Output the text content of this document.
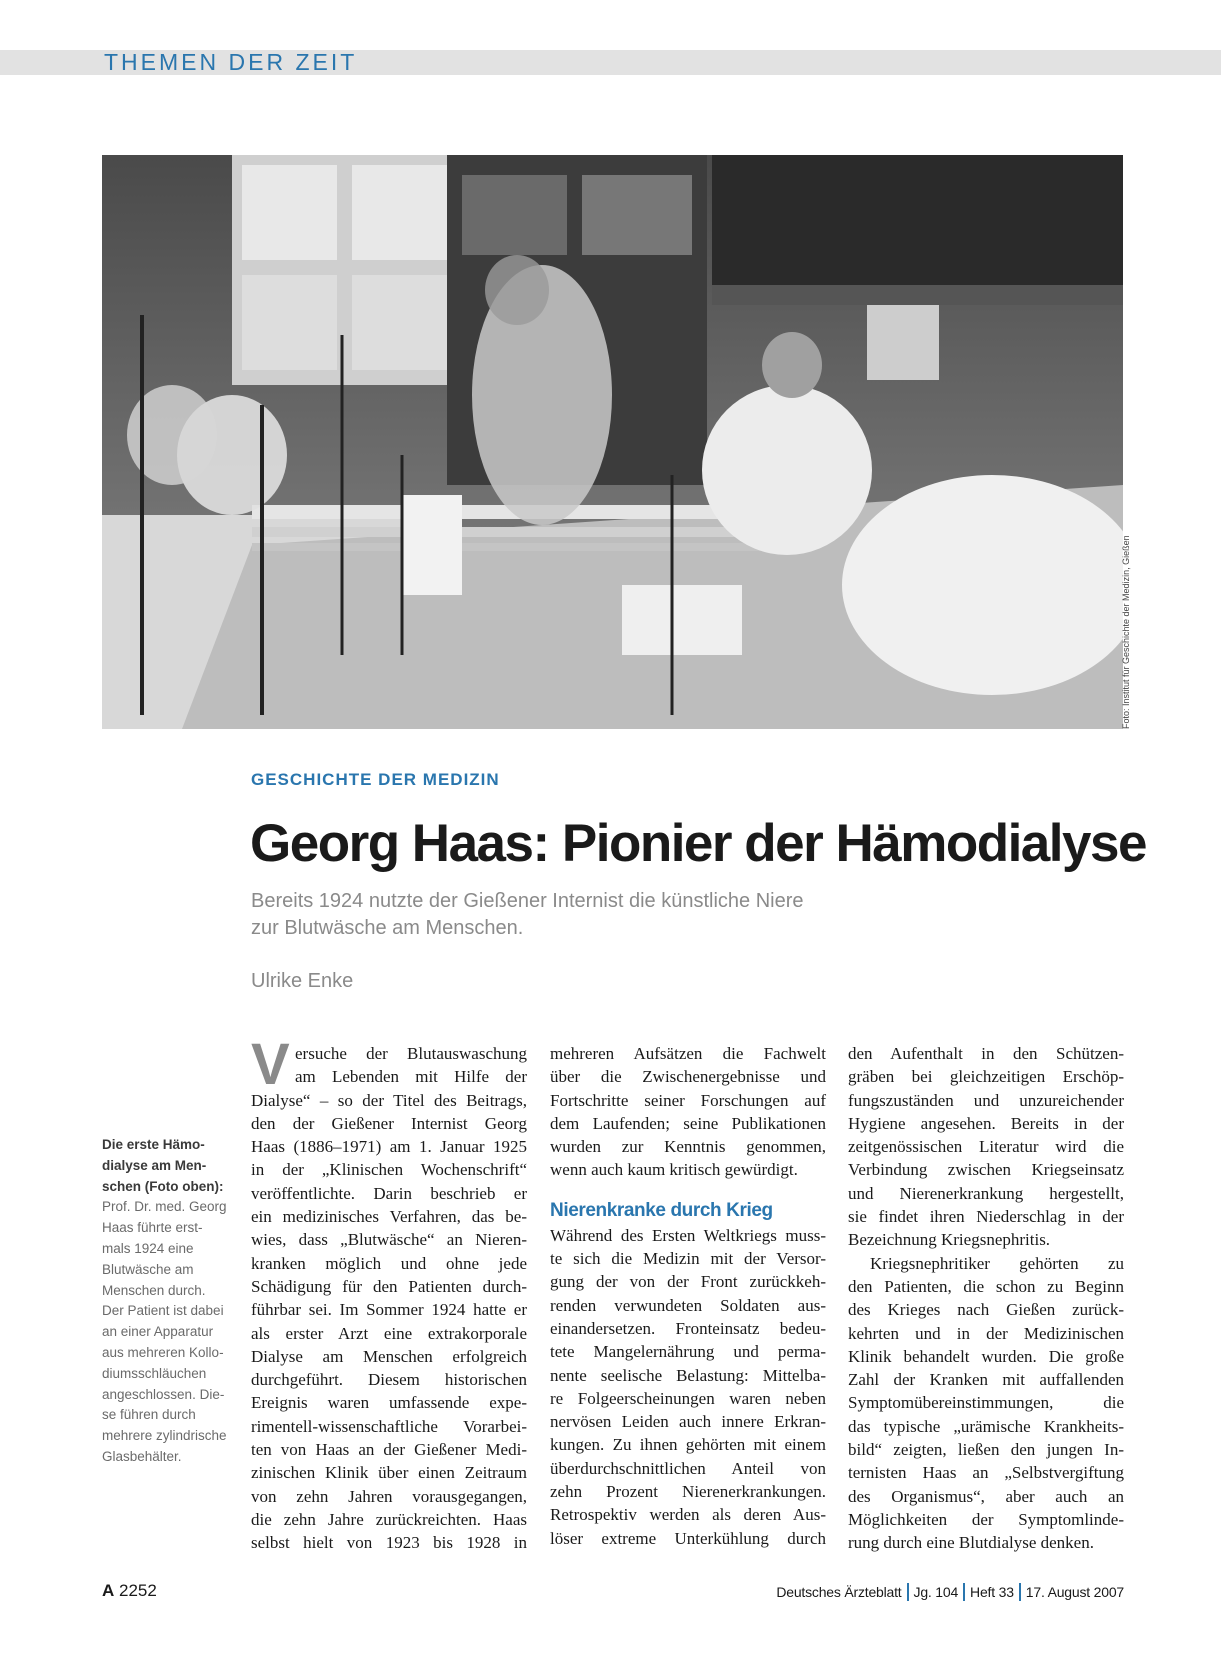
THEMEN DER ZEIT
Foto: Institut für Geschichte der Medizin, Gießen
GESCHICHTE DER MEDIZIN
Georg Haas: Pionier der Hämodialyse
Bereits 1924 nutzte der Gießener Internist die künstliche Niere
zur Blutwäsche am Menschen.
Ulrike Enke
Die erste Hämo-
dialyse am Men-
schen (Foto oben):
Prof. Dr. med. Georg
Haas führte erst-
mals 1924 eine
Blutwäsche am
Menschen durch.
Der Patient ist dabei
an einer Apparatur
aus mehreren Kollo-
diumsschläuchen
angeschlossen. Die-
se führen durch
mehrere zylindrische
Glasbehälter.
ersuche der Blutauswaschung
am Lebenden mit Hilfe der
Dialyse“ – so der Titel des Beitrags,
den der Gießener Internist Georg
Haas (1886–1971) am 1. Januar 1925
in der „Klinischen Wochenschrift“
veröffentlichte. Darin beschrieb er
ein medizinisches Verfahren, das be-
wies, dass „Blutwäsche“ an Nieren-
kranken möglich und ohne jede
Schädigung für den Patienten durch-
führbar sei. Im Sommer 1924 hatte er
als erster Arzt eine extrakorporale
Dialyse am Menschen erfolgreich
durchgeführt. Diesem historischen
Ereignis waren umfassende expe-
rimentell-wissenschaftliche Vorarbei-
ten von Haas an der Gießener Medi-
zinischen Klinik über einen Zeitraum
von zehn Jahren vorausgegangen,
die zehn Jahre zurückreichten. Haas
selbst hielt von 1923 bis 1928 in
V	mehreren Aufsätzen die Fachwelt
über die Zwischenergebnisse und
Fortschritte seiner Forschungen auf
dem Laufenden; seine Publikationen
wurden zur Kenntnis genommen,
wenn auch kaum kritisch gewürdigt.
Nierenkranke durch Krieg
Während des Ersten Weltkriegs muss-
te sich die Medizin mit der Versor-
gung der von der Front zurückkeh-
renden verwundeten Soldaten aus-
einandersetzen. Fronteinsatz bedeu-
tete Mangelernährung und perma-
nente seelische Belastung: Mittelba-
re Folgeerscheinungen waren neben
nervösen Leiden auch innere Erkran-
kungen. Zu ihnen gehörten mit einem
überdurchschnittlichen Anteil von
zehn Prozent Nierenerkrankungen.
Retrospektiv werden als deren Aus-
löser extreme Unterkühlung durch
den Aufenthalt in den Schützen-
gräben bei gleichzeitigen Erschöp-
fungszuständen und unzureichender
Hygiene angesehen. Bereits in der
zeitgenössischen Literatur wird die
Verbindung zwischen Kriegseinsatz
und Nierenerkrankung hergestellt,
sie findet ihren Niederschlag in der
Bezeichnung Kriegsnephritis.
Kriegsnephritiker gehörten zu
den Patienten, die schon zu Beginn
des Krieges nach Gießen zurück-
kehrten und in der Medizinischen
Klinik behandelt wurden. Die große
Zahl der Kranken mit auffallenden
Symptomübereinstimmungen, die
das typische „urämische Krankheits-
bild“ zeigten, ließen den jungen In-
ternisten Haas an „Selbstvergiftung
des Organismus“, aber auch an
Möglichkeiten der Symptomlinde-
rung durch eine Blutdialyse denken.
A 2252	Deutsches Ärzteblatt Jg. 104 Heft 33 17. August 2007
